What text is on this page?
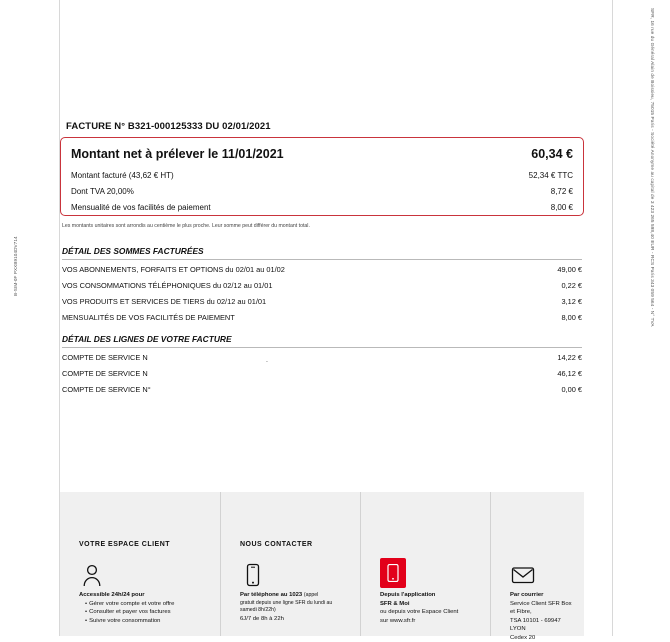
B-SIM-0F PXXB9104DV714	SFR, 16 rue du Général Alain de Boissieu, 75015 Paris - Société Anonyme au capital de 3 423 265 598,40 EUR - RCS Paris 343 059 564 - N° TVA
FACTURE N° B321-000125333 DU 02/01/2021
Montant net à prélever le 11/01/2021	60,34 €
Montant facturé (43,62 € HT)	52,34 € TTC
Dont TVA 20,00%	8,72 €
Mensualité de vos facilités de paiement	8,00 €
Les montants unitaires sont arrondis au centième le plus proche. Leur somme peut différer du montant total.
DÉTAIL DES SOMMES FACTURÉES
VOS ABONNEMENTS, FORFAITS ET OPTIONS du 02/01 au 01/02	49,00 €
VOS CONSOMMATIONS TÉLÉPHONIQUES du 02/12 au 01/01	0,22 €
VOS PRODUITS ET SERVICES DE TIERS du 02/12 au 01/01	3,12 €
MENSUALITÉS DE VOS FACILITÉS DE PAIEMENT	8,00 €
DÉTAIL DES LIGNES DE VOTRE FACTURE
COMPTE DE SERVICE N	14,22 €
.
COMPTE DE SERVICE N	46,12 €
COMPTE DE SERVICE N°	0,00 €
VOTRE ESPACE CLIENT
Accessible 24h/24 pour
• Gérer votre compte et votre offre
• Consulter et payer vos factures
• Suivre votre consommation
NOUS CONTACTER
Par téléphone au 1023 (appel
gratuit depuis une ligne SFR du lundi au
samedi 8h/22h)
6J/7 de 8h à 22h
Depuis l'application
SFR & Moi
ou depuis votre Espace Client
sur www.sfr.fr
Par courrier
Service Client SFR Box et Fibre,
TSA 10101 - 69947 LYON
Cedex 20
